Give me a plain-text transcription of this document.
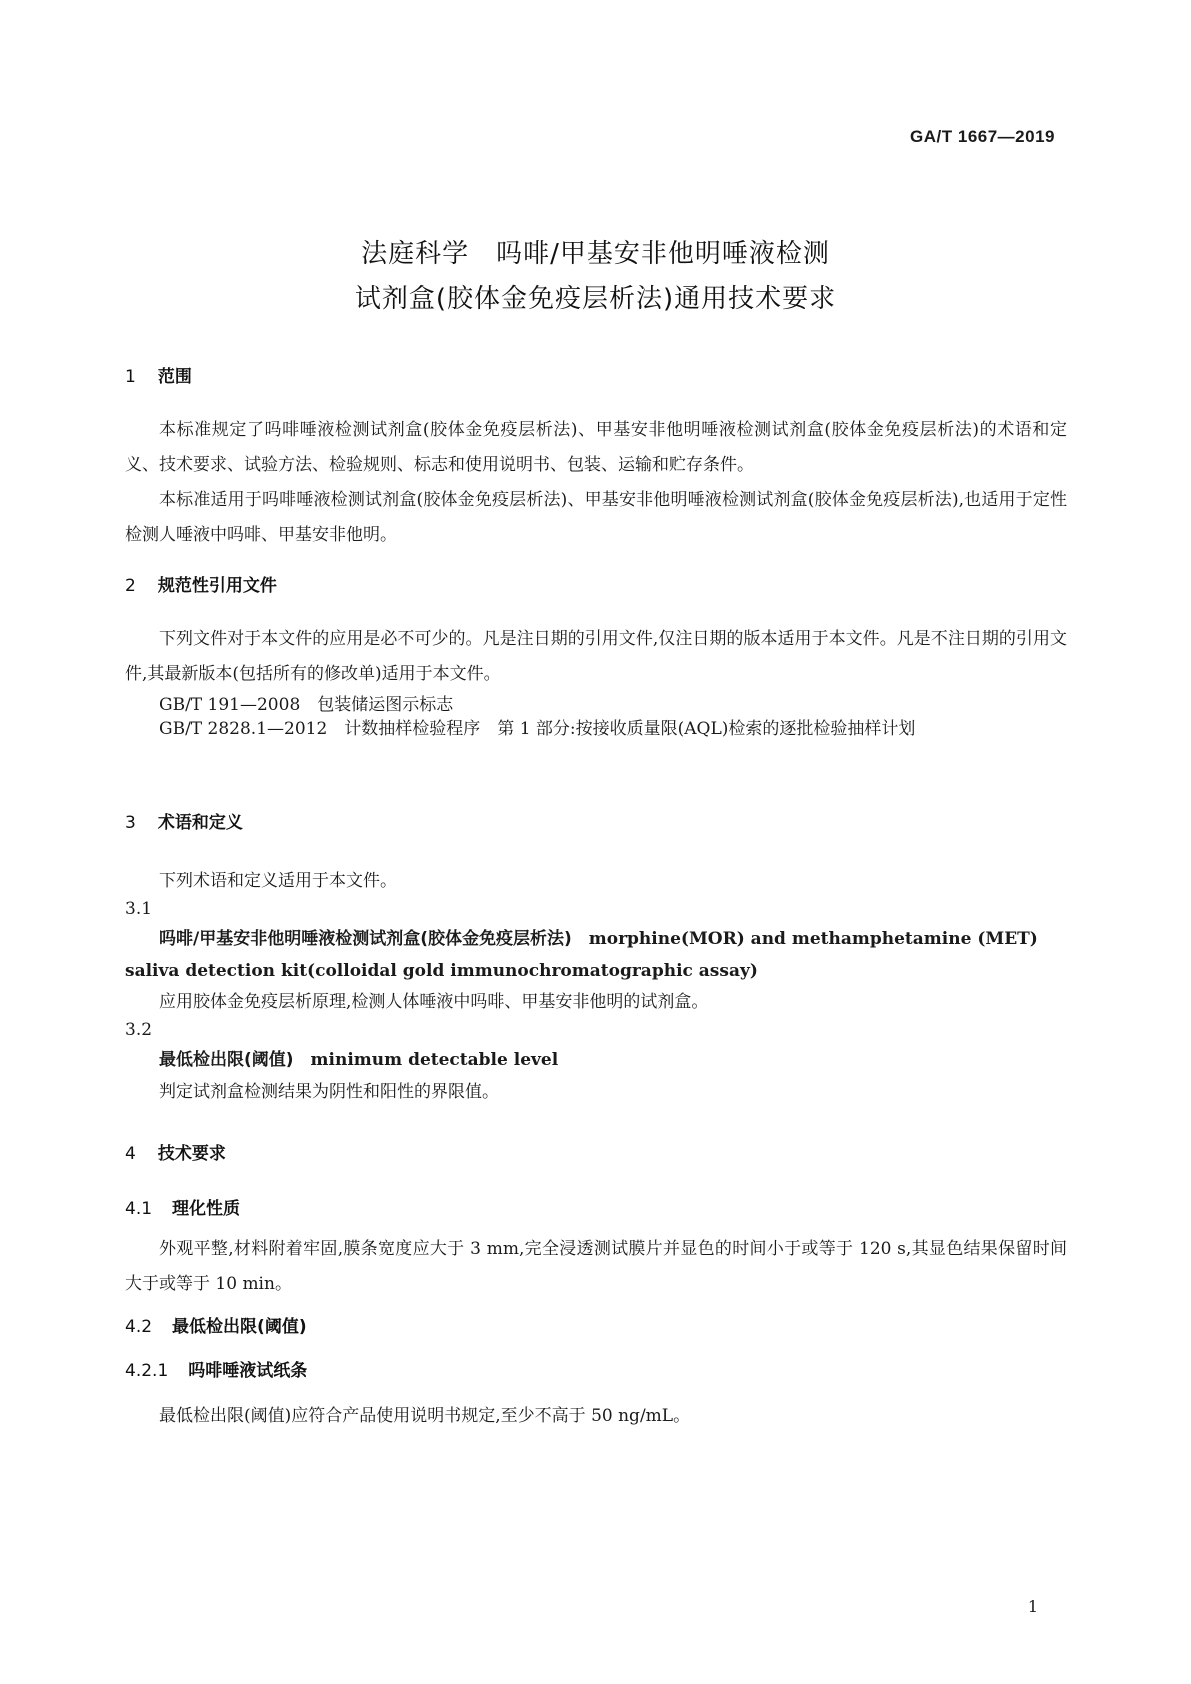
GA/T 1667—2019
法庭科学　吗啡/甲基安非他明唾液检测
试剂盒(胶体金免疫层析法)通用技术要求
1 范围
本标准规定了吗啡唾液检测试剂盒(胶体金免疫层析法)、甲基安非他明唾液检测试剂盒(胶体金免疫层析法)的术语和定义、技术要求、试验方法、检验规则、标志和使用说明书、包装、运输和贮存条件。
本标准适用于吗啡唾液检测试剂盒(胶体金免疫层析法)、甲基安非他明唾液检测试剂盒(胶体金免疫层析法),也适用于定性检测人唾液中吗啡、甲基安非他明。
2 规范性引用文件
下列文件对于本文件的应用是必不可少的。凡是注日期的引用文件,仅注日期的版本适用于本文件。凡是不注日期的引用文件,其最新版本(包括所有的修改单)适用于本文件。
GB/T 191—2008　包装储运图示标志
GB/T 2828.1—2012　计数抽样检验程序　第 1 部分:按接收质量限(AQL)检索的逐批检验抽样计划
3 术语和定义
下列术语和定义适用于本文件。
3.1
吗啡/甲基安非他明唾液检测试剂盒(胶体金免疫层析法)　 morphine(MOR) and methamphetamine (MET) saliva detection kit(colloidal gold immunochromatographic assay)
应用胶体金免疫层析原理,检测人体唾液中吗啡、甲基安非他明的试剂盒。
3.2
最低检出限(阈值)　 minimum detectable level
判定试剂盒检测结果为阴性和阳性的界限值。
4 技术要求
4.1 理化性质
外观平整,材料附着牢固,膜条宽度应大于 3 mm,完全浸透测试膜片并显色的时间小于或等于 120 s,其显色结果保留时间大于或等于 10 min。
4.2 最低检出限(阈值)
4.2.1 吗啡唾液试纸条
最低检出限(阈值)应符合产品使用说明书规定,至少不高于 50 ng/mL。
1
